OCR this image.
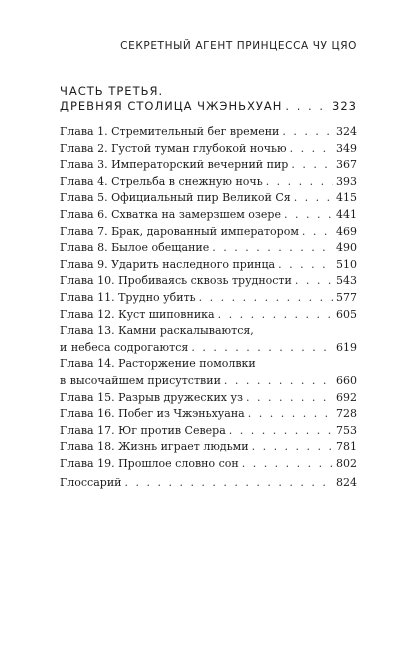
СЕКРЕТНЫЙ АГЕНТ ПРИНЦЕССА ЧУ ЦЯО
ЧАСТЬ ТРЕТЬЯ.
ДРЕВНЯЯ СТОЛИЦА ЧЖЭНЬХУАН . . .	323
Глава 1. Стремительный бег времени . . .	324
Глава 2. Густой туман глубокой ночью . . .	349
Глава 3. Императорский вечерний пир . . .	367
Глава 4. Стрельба в снежную ночь . . .	393
Глава 5. Официальный пир Великой Ся . . .	415
Глава 6. Схватка на замерзшем озере . . .	441
Глава 7. Брак, дарованный императором . . .	469
Глава 8. Былое обещание . . .	490
Глава 9. Ударить наследного принца . . .	510
Глава 10. Пробиваясь сквозь трудности . . .	543
Глава 11. Трудно убить . . .	577
Глава 12. Куст шиповника . . .	605
Глава 13. Камни раскалываются,
и небеса содрогаются . . .	619
Глава 14. Расторжение помолвки
в высочайшем присутствии . . .	660
Глава 15. Разрыв дружеских уз . . .	692
Глава 16. Побег из Чжэньхуана . . .	728
Глава 17. Юг против Севера . . .	753
Глава 18. Жизнь играет людьми . . .	781
Глава 19. Прошлое словно сон . . .	802
Глоссарий . . .	824
